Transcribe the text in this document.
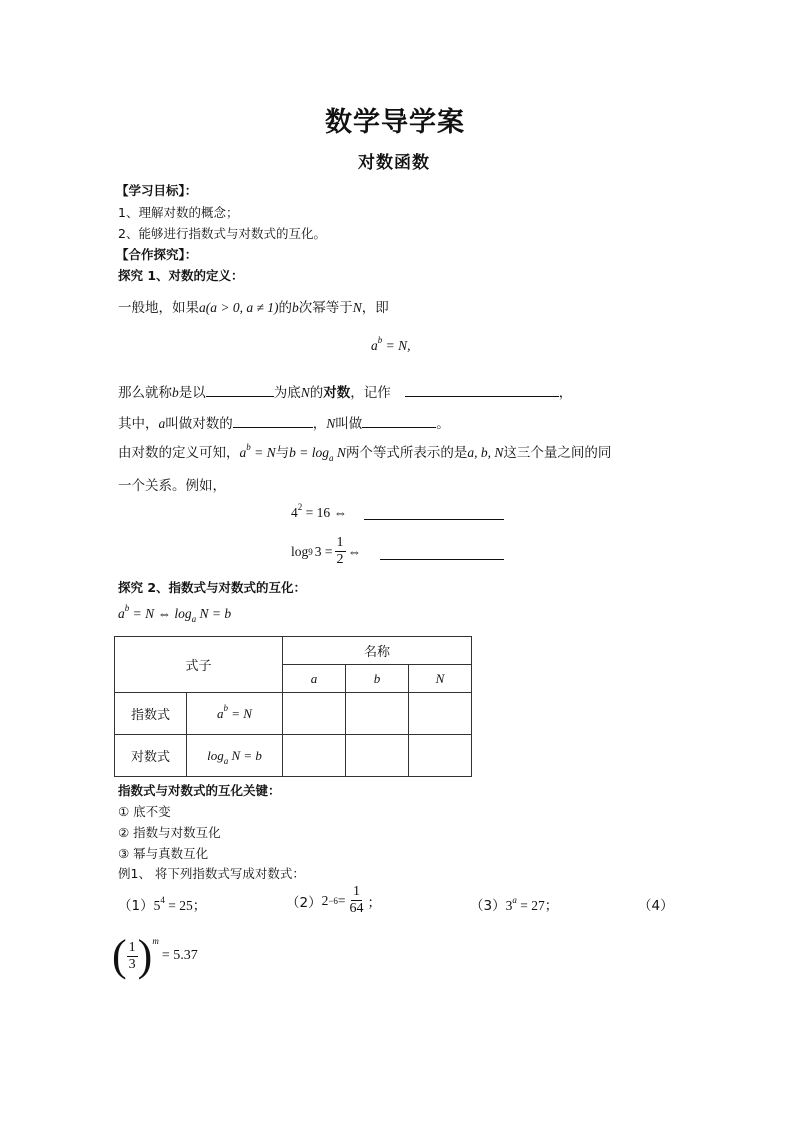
数学导学案
对数函数
【学习目标】：
1、理解对数的概念；
2、能够进行指数式与对数式的互化。
【合作探究】：
探究 1、对数的定义：
一般地，如果a(a > 0, a ≠ 1)的b次幂等于N，即
$a^b = N$,
那么就称b是以	为底N的对数，记作	，
其中，a叫做对数的	，N叫做	。
由对数的定义可知，$a^b = N$与$b = \log_a N$两个等式所表示的是a, b, N这三个量之间的同
一个关系。例如，
$4^2 = 16$ ⇔
log 9 $3 = \frac{1}{2}$ ⇔
探究 2、指数式与对数式的互化：
$a^b = N$ ⇔ $\log_a N = b$
式子		名称		
		a	b	N
指数式	$a^b = N$			
对数式	$\log_a N = b$			
指数式与对数式的互化关键：
① 底不变
② 指数与对数互化
③ 幂与真数互化
例1、 将下列指数式写成对数式：
$(1)5^4 = 25$；	（2） $2 -6 = \frac{1}{64}$ ；	$(3)3^a = 27$；	（4）
( $\frac{1}{3}$ ) m
= 5.37
